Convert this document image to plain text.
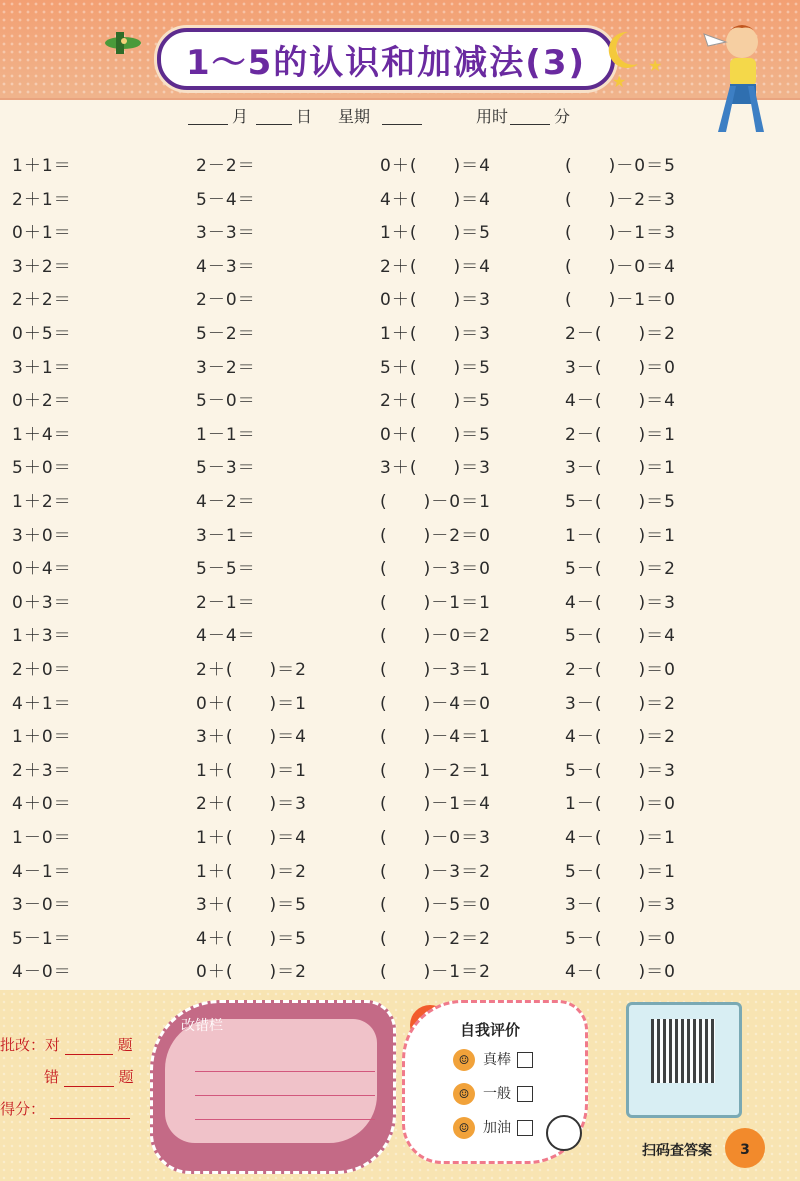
1～5的认识和加减法(3) ★
★
月	日 星期	用时	分
1＋1＝	2－2＝	0＋(　　)＝4	(　　)－0＝5
2＋1＝	5－4＝	4＋(　　)＝4	(　　)－2＝3
0＋1＝	3－3＝	1＋(　　)＝5	(　　)－1＝3
3＋2＝	4－3＝	2＋(　　)＝4	(　　)－0＝4
2＋2＝	2－0＝	0＋(　　)＝3	(　　)－1＝0
0＋5＝	5－2＝	1＋(　　)＝3	2－(　　)＝2
3＋1＝	3－2＝	5＋(　　)＝5	3－(　　)＝0
0＋2＝	5－0＝	2＋(　　)＝5	4－(　　)＝4
1＋4＝	1－1＝	0＋(　　)＝5	2－(　　)＝1
5＋0＝	5－3＝	3＋(　　)＝3	3－(　　)＝1
1＋2＝	4－2＝	(　　)－0＝1	5－(　　)＝5
3＋0＝	3－1＝	(　　)－2＝0	1－(　　)＝1
0＋4＝	5－5＝	(　　)－3＝0	5－(　　)＝2
0＋3＝	2－1＝	(　　)－1＝1	4－(　　)＝3
1＋3＝	4－4＝	(　　)－0＝2	5－(　　)＝4
2＋0＝	2＋(　　)＝2	(　　)－3＝1	2－(　　)＝0
4＋1＝	0＋(　　)＝1	(　　)－4＝0	3－(　　)＝2
1＋0＝	3＋(　　)＝4	(　　)－4＝1	4－(　　)＝2
2＋3＝	1＋(　　)＝1	(　　)－2＝1	5－(　　)＝3
4＋0＝	2＋(　　)＝3	(　　)－1＝4	1－(　　)＝0
1－0＝	1＋(　　)＝4	(　　)－0＝3	4－(　　)＝1
4－1＝	1＋(　　)＝2	(　　)－3＝2	5－(　　)＝1
3－0＝	3＋(　　)＝5	(　　)－5＝0	3－(　　)＝3
5－1＝	4＋(　　)＝5	(　　)－2＝2	5－(　　)＝0
4－0＝	0＋(　　)＝2	(　　)－1＝2	4－(　　)＝0
批改：对	题
错	题
得分：
改错栏	自我评价
☺ 真棒
☺ 一般
☺ 加油
扫码查答案	3
